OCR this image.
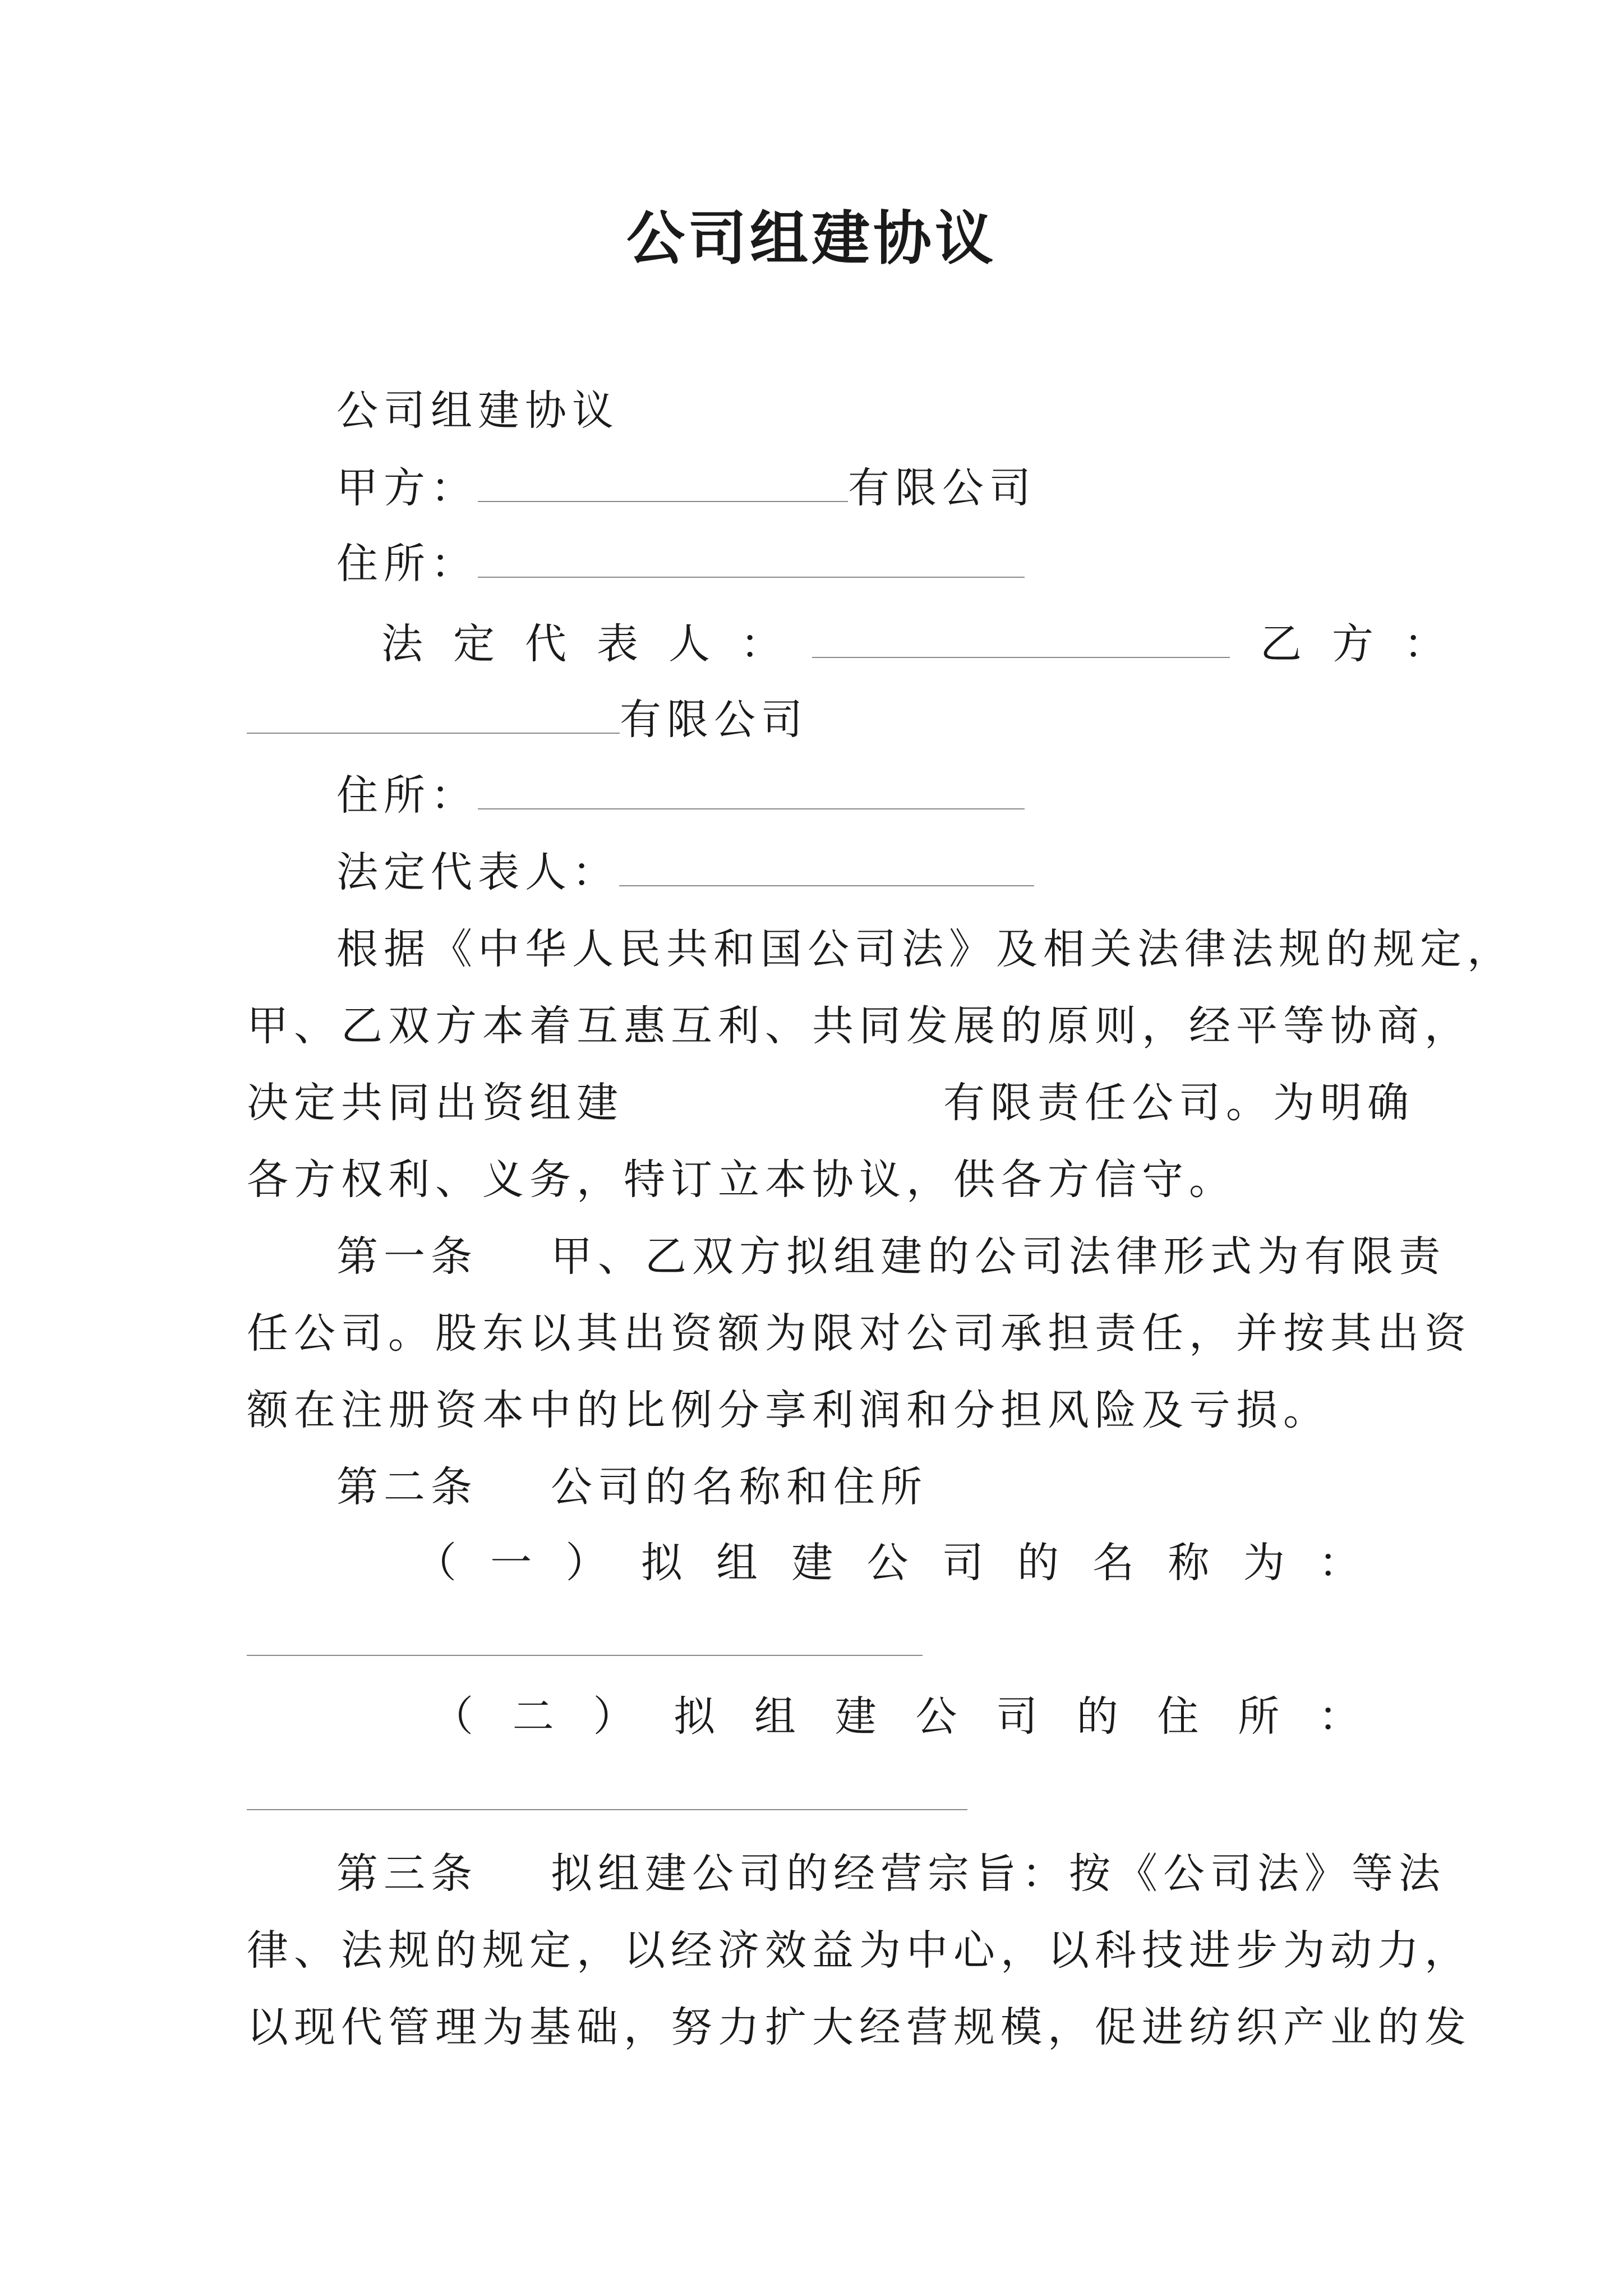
公司组建协议
公司组建协议
甲方：	有限公司
住所：
法 定 代 表 人 ：	乙 方 ：
有限公司
住所：
法定代表人：
根据《中华人民共和国公司法》及相关法律法规的规定，
甲、乙双方本着互惠互利、共同发展的原则，经平等协商，
决定共同出资组建	有限责任公司。为明确
各方权利、义务，特订立本协议，供各方信守。
第一条 甲、乙双方拟组建的公司法律形式为有限责
任公司。股东以其出资额为限对公司承担责任，并按其出资
额在注册资本中的比例分享利润和分担风险及亏损。
第二条 公司的名称和住所
（ 一 ） 拟 组 建 公 司 的 名 称 为 ：
（ 二 ） 拟 组 建 公 司 的 住 所 ：
第三条 拟组建公司的经营宗旨：按《公司法》等法
律、法规的规定，以经济效益为中心，以科技进步为动力，
以现代管理为基础，努力扩大经营规模，促进纺织产业的发
